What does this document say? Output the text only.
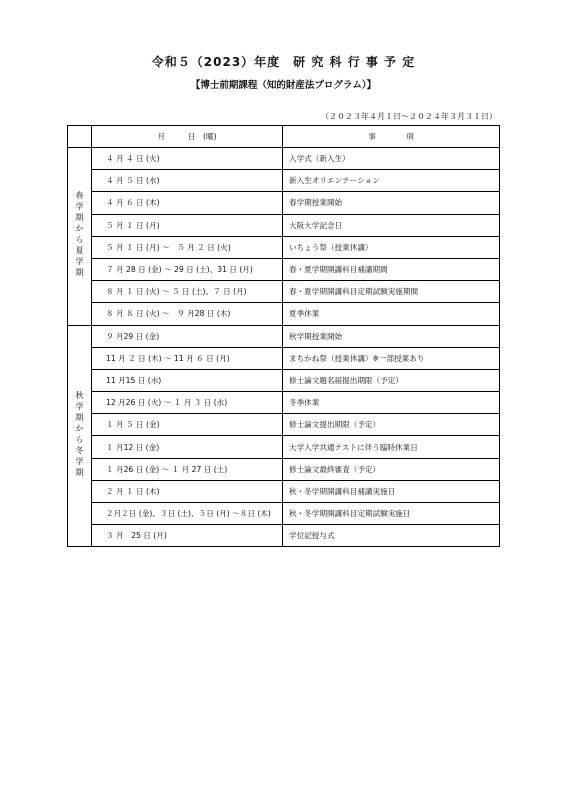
令和５（2023）年度　研 究 科 行 事 予 定
【博士前期課程（知的財産法プログラム）】
（２０２３年４月１日～２０２４年３月３１日）
	月　　　日　(曜)	事　　　　項
春学期から夏学期	４ 月 ４ 日 (火)	入学式（新入生）
	４ 月 ５ 日 (水)	新入生オリエンテーション
	４ 月 ６ 日 (木)	春学期授業開始
	５ 月 １ 日 (月)	大阪大学記念日
	５ 月 １ 日 (月) ～　５ 月 ２ 日 (火)	いちょう祭（授業休講）
	７ 月 28 日 (金) ～ 29 日 (土)、31 日 (月)	春・夏学期開講科目補講期間
	８ 月 １ 日 (火) ～ ５ 日 (土)、７ 日 (月)	春・夏学期開講科目定期試験実施期間
	８ 月 ８ 日 (火) ～　９ 月28 日 (木)	夏季休業
秋学期から冬学期	９ 月29 日 (金)	秋学期授業開始
	11 月 ２ 日 (木) ～ 11 月 ６ 日 (月)	まちかね祭（授業休講）※一部授業あり
	11 月15 日 (水)	修士論文題名届提出期限（予定）
	12 月26 日 (火) ～ １ 月 ３ 日 (水)	冬季休業
	１ 月 ５ 日 (金)	修士論文提出期限（予定）
	１ 月12 日 (金)	大学入学共通テストに伴う臨時休業日
	１ 月26 日 (金) ～ １ 月 27 日 (土)	修士論文最終審査（予定）
	２ 月 １ 日 (木)	秋・冬学期開講科目補講実施日
	２月２日 (金)、３日 (土)、５日 (月) ～８日 (木)	秋・冬学期開講科目定期試験実施日
	３ 月　25 日 (月)	学位記授与式
